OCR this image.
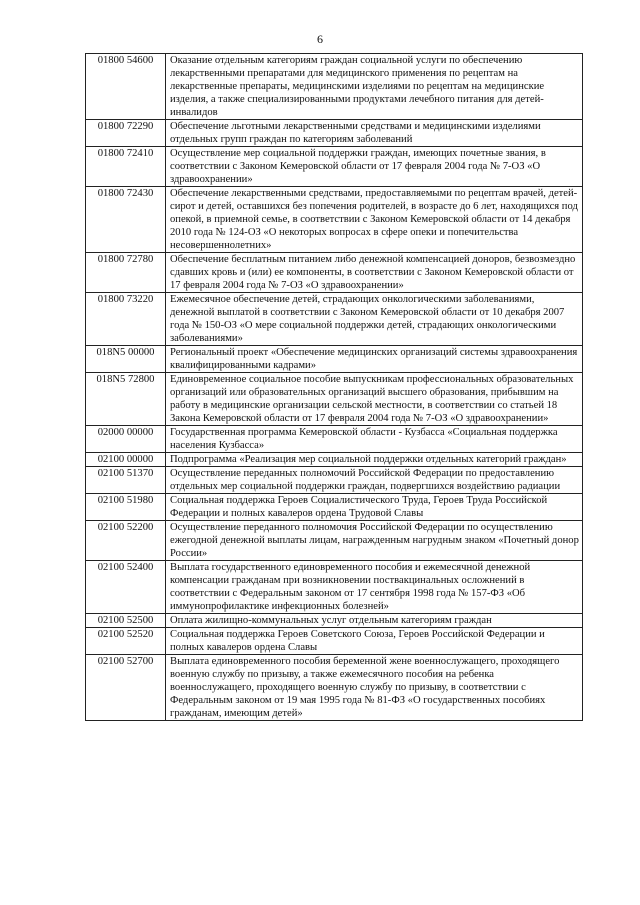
6
01800 54600	Оказание отдельным категориям граждан социальной услуги по обеспечению лекарственными препаратами для медицинского применения по рецептам на лекарственные препараты, медицинскими изделиями по рецептам на медицинские изделия, а также специализированными продуктами лечебного питания для детей-инвалидов
01800 72290	Обеспечение льготными лекарственными средствами и медицинскими изделиями отдельных групп граждан по категориям заболеваний
01800 72410	Осуществление мер социальной поддержки граждан, имеющих почетные звания, в соответствии с Законом Кемеровской области от 17 февраля 2004 года № 7-ОЗ «О здравоохранении»
01800 72430	Обеспечение лекарственными средствами, предоставляемыми по рецептам врачей, детей-сирот и детей, оставшихся без попечения родителей, в возрасте до 6 лет, находящихся под опекой, в приемной семье, в соответствии с Законом Кемеровской области от 14 декабря 2010 года № 124-ОЗ «О некоторых вопросах в сфере опеки и попечительства несовершеннолетних»
01800 72780	Обеспечение бесплатным питанием либо денежной компенсацией доноров, безвозмездно сдавших кровь и (или) ее компоненты, в соответствии с Законом Кемеровской области от 17 февраля 2004 года № 7-ОЗ «О здравоохранении»
01800 73220	Ежемесячное обеспечение детей, страдающих онкологическими заболеваниями, денежной выплатой в соответствии с Законом Кемеровской области от 10 декабря 2007 года № 150-ОЗ «О мере социальной поддержки детей, страдающих онкологическими заболеваниями»
018N5 00000	Региональный проект «Обеспечение медицинских организаций системы здравоохранения квалифицированными кадрами»
018N5 72800	Единовременное социальное пособие выпускникам профессиональных образовательных организаций или образовательных организаций высшего образования, прибывшим на работу в медицинские организации сельской местности, в соответствии со статьей 18 Закона Кемеровской области от 17 февраля 2004 года № 7-ОЗ «О здравоохранении»
02000 00000	Государственная программа Кемеровской области - Кузбасса «Социальная поддержка населения Кузбасса»
02100 00000	Подпрограмма «Реализация мер социальной поддержки отдельных категорий граждан»
02100 51370	Осуществление переданных полномочий Российской Федерации по предоставлению отдельных мер социальной поддержки граждан, подвергшихся воздействию радиации
02100 51980	Социальная поддержка Героев Социалистического Труда, Героев Труда Российской Федерации и полных кавалеров ордена Трудовой Славы
02100 52200	Осуществление переданного полномочия Российской Федерации по осуществлению ежегодной денежной выплаты лицам, награжденным нагрудным знаком «Почетный донор России»
02100 52400	Выплата государственного единовременного пособия и ежемесячной денежной компенсации гражданам при возникновении поствакцинальных осложнений в соответствии с Федеральным законом от 17 сентября 1998 года № 157-ФЗ «Об иммунопрофилактике инфекционных болезней»
02100 52500	Оплата жилищно-коммунальных услуг отдельным категориям граждан
02100 52520	Социальная поддержка Героев Советского Союза, Героев Российской Федерации и полных кавалеров ордена Славы
02100 52700	Выплата единовременного пособия беременной жене военнослужащего, проходящего военную службу по призыву, а также ежемесячного пособия на ребенка военнослужащего, проходящего военную службу по призыву, в соответствии с Федеральным законом от 19 мая 1995 года № 81-ФЗ «О государственных пособиях гражданам, имеющим детей»
